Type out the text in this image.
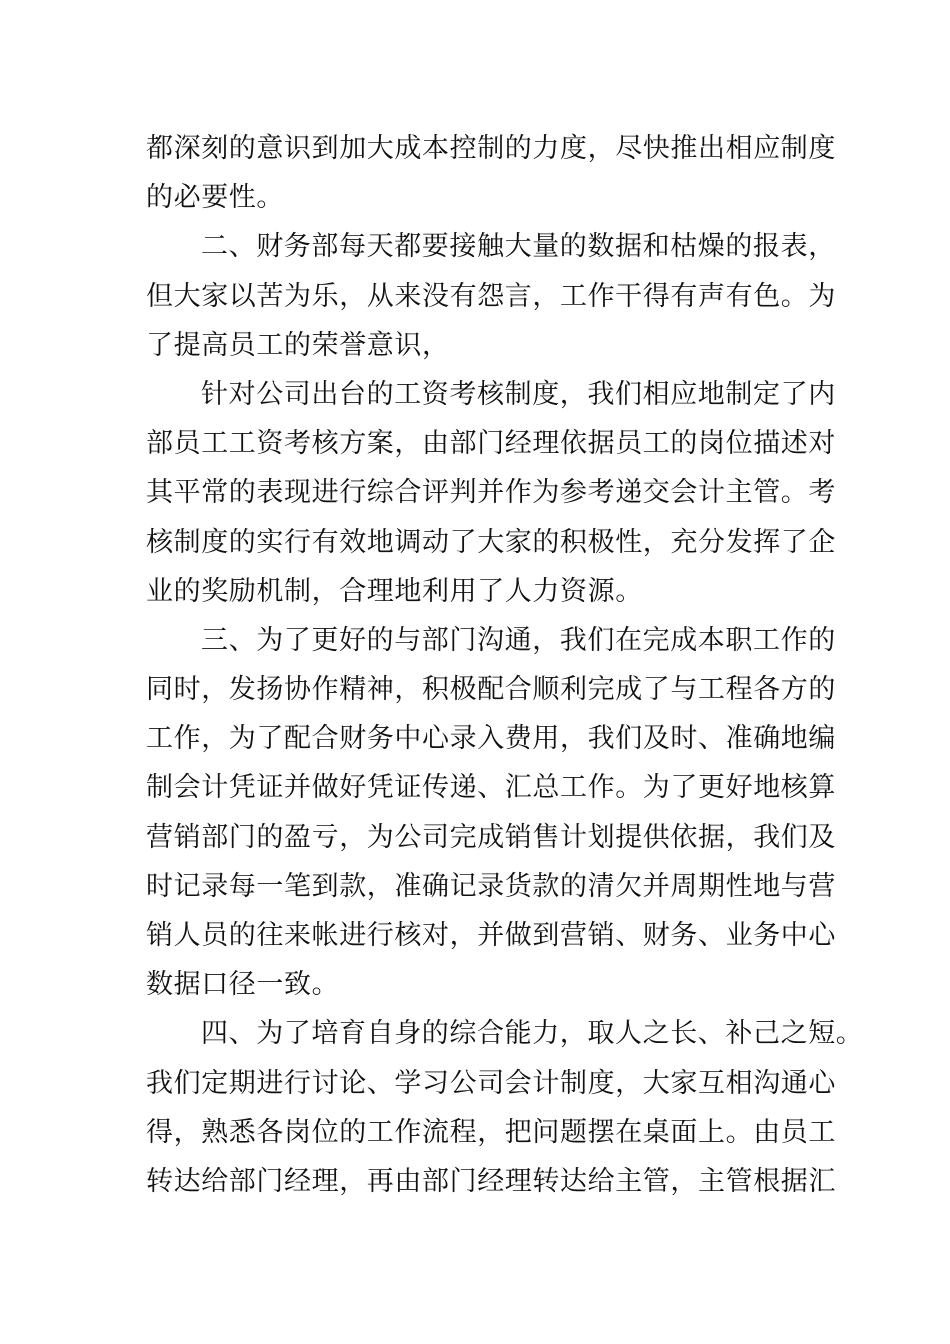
都深刻的意识到加大成本控制的力度，尽快推出相应制度
的必要性。
二、财务部每天都要接触大量的数据和枯燥的报表，
但大家以苦为乐，从来没有怨言，工作干得有声有色。为
了提高员工的荣誉意识，
针对公司出台的工资考核制度，我们相应地制定了内
部员工工资考核方案，由部门经理依据员工的岗位描述对
其平常的表现进行综合评判并作为参考递交会计主管。考
核制度的实行有效地调动了大家的积极性，充分发挥了企
业的奖励机制，合理地利用了人力资源。
三、为了更好的与部门沟通，我们在完成本职工作的
同时，发扬协作精神，积极配合顺利完成了与工程各方的
工作，为了配合财务中心录入费用，我们及时、准确地编
制会计凭证并做好凭证传递、汇总工作。为了更好地核算
营销部门的盈亏，为公司完成销售计划提供依据，我们及
时记录每一笔到款，准确记录货款的清欠并周期性地与营
销人员的往来帐进行核对，并做到营销、财务、业务中心
数据口径一致。
四、为了培育自身的综合能力，取人之长、补己之短。
我们定期进行讨论、学习公司会计制度，大家互相沟通心
得，熟悉各岗位的工作流程，把问题摆在桌面上。由员工
转达给部门经理，再由部门经理转达给主管，主管根据汇
